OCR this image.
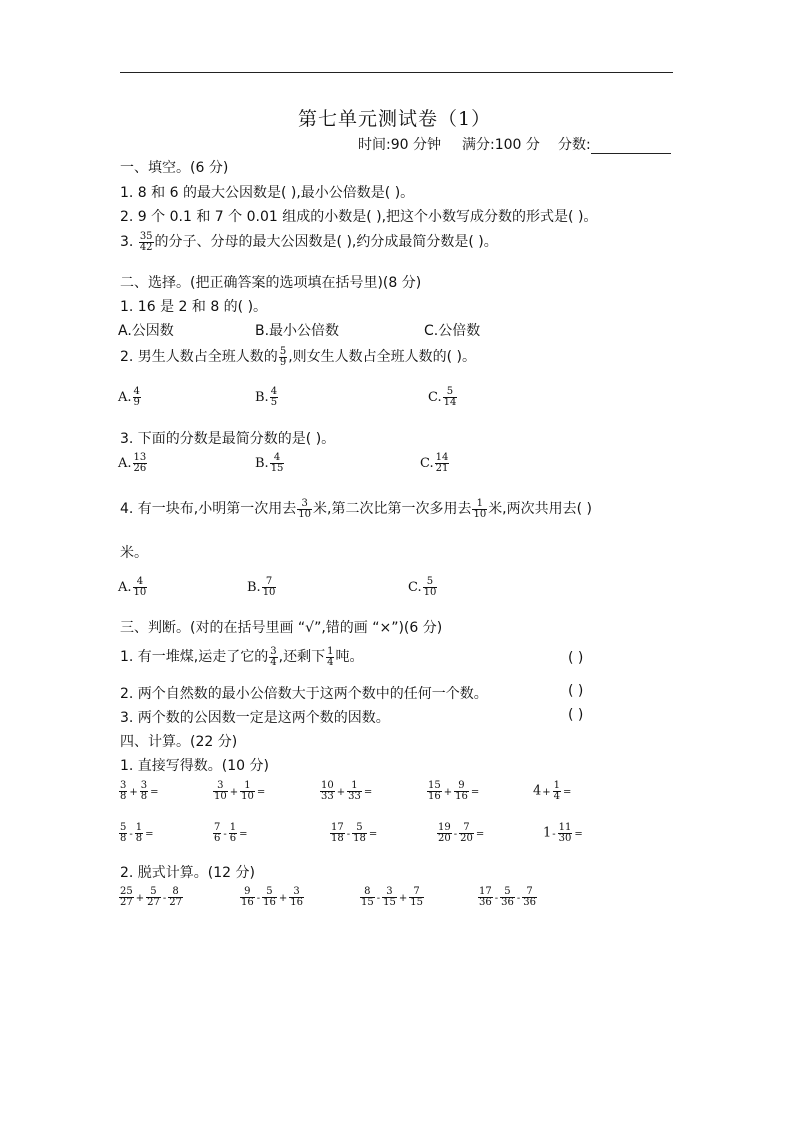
第七单元测试卷（1）
时间:90 分钟 满分:100 分 分数:
一、填空。(6 分)
1. 8 和 6 的最大公因数是( ),最小公倍数是( )。
2. 9 个 0.1 和 7 个 0.01 组成的小数是( ),把这个小数写成分数的形式是( )。
3. $\frac{35}{42}$ 的分子、分母的最大公因数是( ),约分成最简分数是( )。
二、选择。(把正确答案的选项填在括号里)(8 分)
1. 16 是 2 和 8 的( )。
A.公因数	B.最小公倍数	C.公倍数
2. 男生人数占全班人数的 $\frac{5}{9}$ ,则女生人数占全班人数的( )。
A. $\frac{4}{9}$	B. $\frac{4}{5}$	C. $\frac{5}{14}$
3. 下面的分数是最简分数的是( )。
A. $\frac{13}{26}$	B. $\frac{4}{15}$	C. $\frac{14}{21}$
4. 有一块布,小明第一次用去 $\frac{3}{10}$ 米,第二次比第一次多用去 $\frac{1}{10}$ 米,两次共用去( )
米。
A. $\frac{4}{10}$	B. $\frac{7}{10}$	C. $\frac{5}{10}$
三、判断。(对的在括号里画 “√”,错的画 “×”)(6 分)
1. 有一堆煤,运走了它的 $\frac{3}{4}$ ,还剩下 $\frac{1}{4}$ 吨。	( )
2. 两个自然数的最小公倍数大于这两个数中的任何一个数。	( )
3. 两个数的公因数一定是这两个数的因数。	( )
四、计算。(22 分)
1. 直接写得数。(10 分)
$\frac{3}{8} + \frac{3}{8}$ =	$\frac{3}{10} + \frac{1}{10}$ =	$\frac{10}{33} + \frac{1}{33}$ =	$\frac{15}{16} + \frac{9}{16}$ =	$4+ \frac{1}{4}$ =
$\frac{5}{8} - \frac{1}{8}$ =	$\frac{7}{6} - \frac{1}{6}$ =	$\frac{17}{18} - \frac{5}{18}$ =	$\frac{19}{20} - \frac{7}{20}$ =	$1- \frac{11}{30}$ =
2. 脱式计算。(12 分)
$\frac{25}{27} + \frac{5}{27} - \frac{8}{27}$	$\frac{9}{16} - \frac{5}{16} + \frac{3}{16}$	$\frac{8}{15} - \frac{3}{15} + \frac{7}{15}$	$\frac{17}{36} - \frac{5}{36} - \frac{7}{36}$
